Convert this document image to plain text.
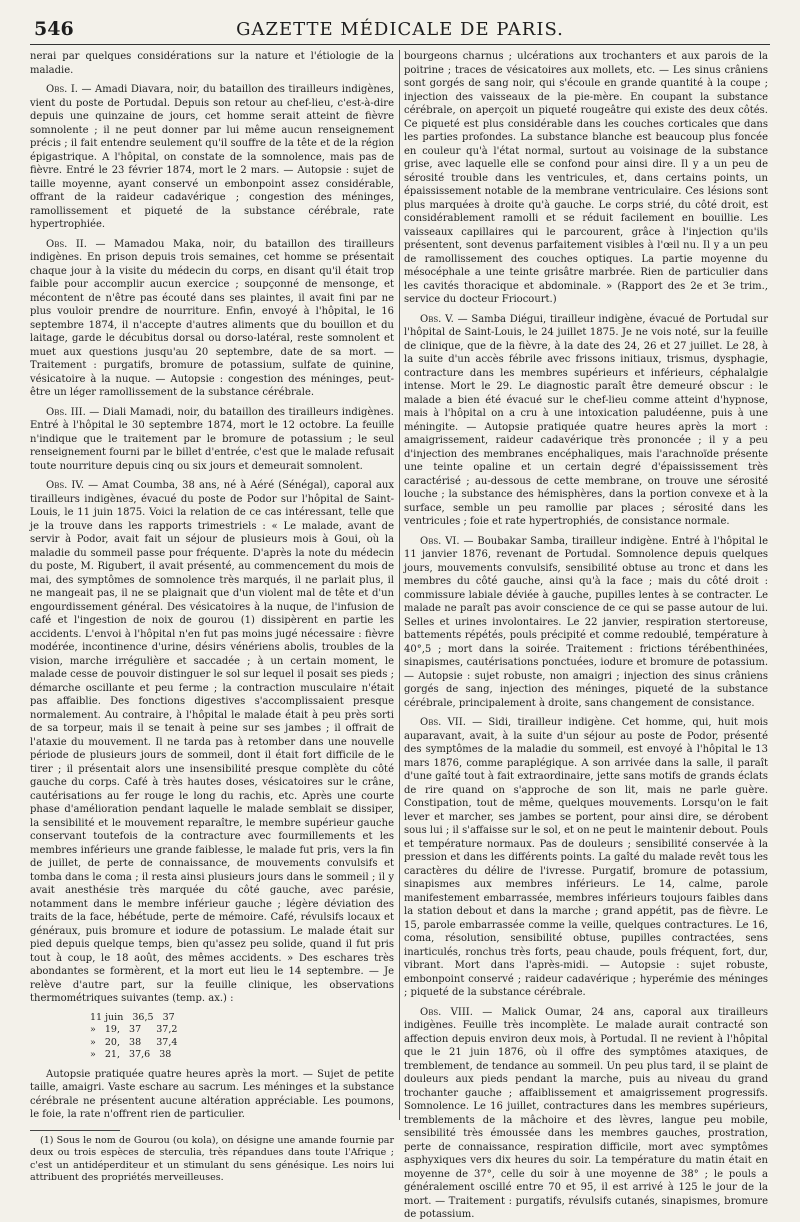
546	GAZETTE MÉDICALE DE PARIS.

nerai par quelques considérations sur la nature et l'étiologie de la maladie.

Obs. I. — Amadi Diavara, noir, du bataillon des tirailleurs indigènes, vient du poste de Portudal. Depuis son retour au chef-lieu, c'est-à-dire depuis une quinzaine de jours, cet homme serait atteint de fièvre somnolente ; il ne peut donner par lui même aucun renseignement précis ; il fait entendre seulement qu'il souffre de la tête et de la région épigastrique. A l'hôpital, on constate de la somnolence, mais pas de fièvre. Entré le 23 février 1874, mort le 2 mars. — Autopsie : sujet de taille moyenne, ayant conservé un embonpoint assez considérable, offrant de la raideur cadavérique ; congestion des méninges, ramollissement et piqueté de la substance cérébrale, rate hypertrophiée.

Obs. II. — Mamadou Maka, noir, du bataillon des tirailleurs indigènes. En prison depuis trois semaines, cet homme se présentait chaque jour à la visite du médecin du corps, en disant qu'il était trop faible pour accomplir aucun exercice ; soupçonné de mensonge, et mécontent de n'être pas écouté dans ses plaintes, il avait fini par ne plus vouloir prendre de nourriture. Enfin, envoyé à l'hôpital, le 16 septembre 1874, il n'accepte d'autres aliments que du bouillon et du laitage, garde le décubitus dorsal ou dorso-latéral, reste somnolent et muet aux questions jusqu'au 20 septembre, date de sa mort. — Traitement : purgatifs, bromure de potassium, sulfate de quinine, vésicatoire à la nuque. — Autopsie : congestion des méninges, peut-être un léger ramollissement de la substance cérébrale.

Obs. III. — Diali Mamadi, noir, du bataillon des tirailleurs indigènes. Entré à l'hôpital le 30 septembre 1874, mort le 12 octobre. La feuille n'indique que le traitement par le bromure de potassium ; le seul renseignement fourni par le billet d'entrée, c'est que le malade refusait toute nourriture depuis cinq ou six jours et demeurait somnolent.

Obs. IV. — Amat Coumba, 38 ans, né à Aéré (Sénégal), caporal aux tirailleurs indigènes, évacué du poste de Podor sur l'hôpital de Saint-Louis, le 11 juin 1875. Voici la relation de ce cas intéressant, telle que je la trouve dans les rapports trimestriels : « Le malade, avant de servir à Podor, avait fait un séjour de plusieurs mois à Goui, où la maladie du sommeil passe pour fréquente. D'après la note du médecin du poste, M. Rigubert, il avait présenté, au commencement du mois de mai, des symptômes de somnolence très marqués, il ne parlait plus, il ne mangeait pas, il ne se plaignait que d'un violent mal de tête et d'un engourdissement général. Des vésicatoires à la nuque, de l'infusion de café et l'ingestion de noix de gourou (1) dissipèrent en partie les accidents. L'envoi à l'hôpital n'en fut pas moins jugé nécessaire : fièvre modérée, incontinence d'urine, désirs vénériens abolis, troubles de la vision, marche irrégulière et saccadée ; à un certain moment, le malade cesse de pouvoir distinguer le sol sur lequel il posait ses pieds ; démarche oscillante et peu ferme ; la contraction musculaire n'était pas affaiblie. Des fonctions digestives s'accomplissaient presque normalement. Au contraire, à l'hôpital le malade était à peu près sorti de sa torpeur, mais il se tenait à peine sur ses jambes ; il offrait de l'ataxie du mouvement. Il ne tarda pas à retomber dans une nouvelle période de plusieurs jours de sommeil, dont il était fort difficile de le tirer ; il présentait alors une insensibilité presque complète du côté gauche du corps. Café à très hautes doses, vésicatoires sur le crâne, cautérisations au fer rouge le long du rachis, etc. Après une courte phase d'amélioration pendant laquelle le malade semblait se dissiper, la sensibilité et le mouvement reparaître, le membre supérieur gauche conservant toutefois de la contracture avec fourmillements et les membres inférieurs une grande faiblesse, le malade fut pris, vers la fin de juillet, de perte de connaissance, de mouvements convulsifs et tomba dans le coma ; il resta ainsi plusieurs jours dans le sommeil ; il y avait anesthésie très marquée du côté gauche, avec parésie, notamment dans le membre inférieur gauche ; légère déviation des traits de la face, hébétude, perte de mémoire. Café, révulsifs locaux et généraux, puis bromure et iodure de potassium. Le malade était sur pied depuis quelque temps, bien qu'assez peu solide, quand il fut pris tout à coup, le 18 août, des mêmes accidents. » Des eschares très abondantes se formèrent, et la mort eut lieu le 14 septembre. — Je relève d'autre part, sur la feuille clinique, les observations thermométriques suivantes (temp. ax.) :

11 juin   36,5   37
»   19,   37     37,2
»   20,   38     37,4
»   21,   37,6   38

Autopsie pratiquée quatre heures après la mort. — Sujet de petite taille, amaigri. Vaste eschare au sacrum. Les méninges et la substance cérébrale ne présentent aucune altération appréciable. Les poumons, le foie, la rate n'offrent rien de particulier.

(1) Sous le nom de Gourou (ou kola), on désigne une amande fournie par deux ou trois espèces de sterculia, très répandues dans toute l'Afrique ; c'est un antidéperditeur et un stimulant du sens génésique. Les noirs lui attribuent des propriétés merveilleuses.

bourgeons charnus ; ulcérations aux trochanters et aux parois de la poitrine ; traces de vésicatoires aux mollets, etc. — Les sinus crâniens sont gorgés de sang noir, qui s'écoule en grande quantité à la coupe ; injection des vaisseaux de la pie-mère. En coupant la substance cérébrale, on aperçoit un piqueté rougeâtre qui existe des deux côtés. Ce piqueté est plus considérable dans les couches corticales que dans les parties profondes. La substance blanche est beaucoup plus foncée en couleur qu'à l'état normal, surtout au voisinage de la substance grise, avec laquelle elle se confond pour ainsi dire. Il y a un peu de sérosité trouble dans les ventricules, et, dans certains points, un épaississement notable de la membrane ventriculaire. Ces lésions sont plus marquées à droite qu'à gauche. Le corps strié, du côté droit, est considérablement ramolli et se réduit facilement en bouillie. Les vaisseaux capillaires qui le parcourent, grâce à l'injection qu'ils présentent, sont devenus parfaitement visibles à l'œil nu. Il y a un peu de ramollissement des couches optiques. La partie moyenne du mésocéphale a une teinte grisâtre marbrée. Rien de particulier dans les cavités thoracique et abdominale. » (Rapport des 2e et 3e trim., service du docteur Friocourt.)

Obs. V. — Samba Diégui, tirailleur indigène, évacué de Portudal sur l'hôpital de Saint-Louis, le 24 juillet 1875. Je ne vois noté, sur la feuille de clinique, que de la fièvre, à la date des 24, 26 et 27 juillet. Le 28, à la suite d'un accès fébrile avec frissons initiaux, trismus, dysphagie, contracture dans les membres supérieurs et inférieurs, céphalalgie intense. Mort le 29. Le diagnostic paraît être demeuré obscur : le malade a bien été évacué sur le chef-lieu comme atteint d'hypnose, mais à l'hôpital on a cru à une intoxication paludéenne, puis à une méningite. — Autopsie pratiquée quatre heures après la mort : amaigrissement, raideur cadavérique très prononcée ; il y a peu d'injection des membranes encéphaliques, mais l'arachnoïde présente une teinte opaline et un certain degré d'épaississement très caractérisé ; au-dessous de cette membrane, on trouve une sérosité louche ; la substance des hémisphères, dans la portion convexe et à la surface, semble un peu ramollie par places ; sérosité dans les ventricules ; foie et rate hypertrophiés, de consistance normale.

Obs. VI. — Boubakar Samba, tirailleur indigène. Entré à l'hôpital le 11 janvier 1876, revenant de Portudal. Somnolence depuis quelques jours, mouvements convulsifs, sensibilité obtuse au tronc et dans les membres du côté gauche, ainsi qu'à la face ; mais du côté droit : commissure labiale déviée à gauche, pupilles lentes à se contracter. Le malade ne paraît pas avoir conscience de ce qui se passe autour de lui. Selles et urines involontaires. Le 22 janvier, respiration stertoreuse, battements répétés, pouls précipité et comme redoublé, température à 40°,5 ; mort dans la soirée. Traitement : frictions térébenthinées, sinapismes, cautérisations ponctuées, iodure et bromure de potassium. — Autopsie : sujet robuste, non amaigri ; injection des sinus crâniens gorgés de sang, injection des méninges, piqueté de la substance cérébrale, principalement à droite, sans changement de consistance.

Obs. VII. — Sidi, tirailleur indigène. Cet homme, qui, huit mois auparavant, avait, à la suite d'un séjour au poste de Podor, présenté des symptômes de la maladie du sommeil, est envoyé à l'hôpital le 13 mars 1876, comme paraplégique. A son arrivée dans la salle, il paraît d'une gaîté tout à fait extraordinaire, jette sans motifs de grands éclats de rire quand on s'approche de son lit, mais ne parle guère. Constipation, tout de même, quelques mouvements. Lorsqu'on le fait lever et marcher, ses jambes se portent, pour ainsi dire, se dérobent sous lui ; il s'affaisse sur le sol, et on ne peut le maintenir debout. Pouls et température normaux. Pas de douleurs ; sensibilité conservée à la pression et dans les différents points. La gaîté du malade revêt tous les caractères du délire de l'ivresse. Purgatif, bromure de potassium, sinapismes aux membres inférieurs. Le 14, calme, parole manifestement embarrassée, membres inférieurs toujours faibles dans la station debout et dans la marche ; grand appétit, pas de fièvre. Le 15, parole embarrassée comme la veille, quelques contractures. Le 16, coma, résolution, sensibilité obtuse, pupilles contractées, sens inarticulés, ronchus très forts, peau chaude, pouls fréquent, fort, dur, vibrant. Mort dans l'après-midi. — Autopsie : sujet robuste, embonpoint conservé ; raideur cadavérique ; hyperémie des méninges ; piqueté de la substance cérébrale.

Obs. VIII. — Malick Oumar, 24 ans, caporal aux tirailleurs indigènes. Feuille très incomplète. Le malade aurait contracté son affection depuis environ deux mois, à Portudal. Il ne revient à l'hôpital que le 21 juin 1876, où il offre des symptômes ataxiques, de tremblement, de tendance au sommeil. Un peu plus tard, il se plaint de douleurs aux pieds pendant la marche, puis au niveau du grand trochanter gauche ; affaiblissement et amaigrissement progressifs. Somnolence. Le 16 juillet, contractures dans les membres supérieurs, tremblements de la mâchoire et des lèvres, langue peu mobile, sensibilité très émoussée dans les membres gauches, prostration, perte de connaissance, respiration difficile, mort avec symptômes asphyxiques vers dix heures du soir. La température du matin était en moyenne de 37°, celle du soir à une moyenne de 38° ; le pouls a généralement oscillé entre 70 et 95, il est arrivé à 125 le jour de la mort. — Traitement : purgatifs, révulsifs cutanés, sinapismes, bromure de potassium.
